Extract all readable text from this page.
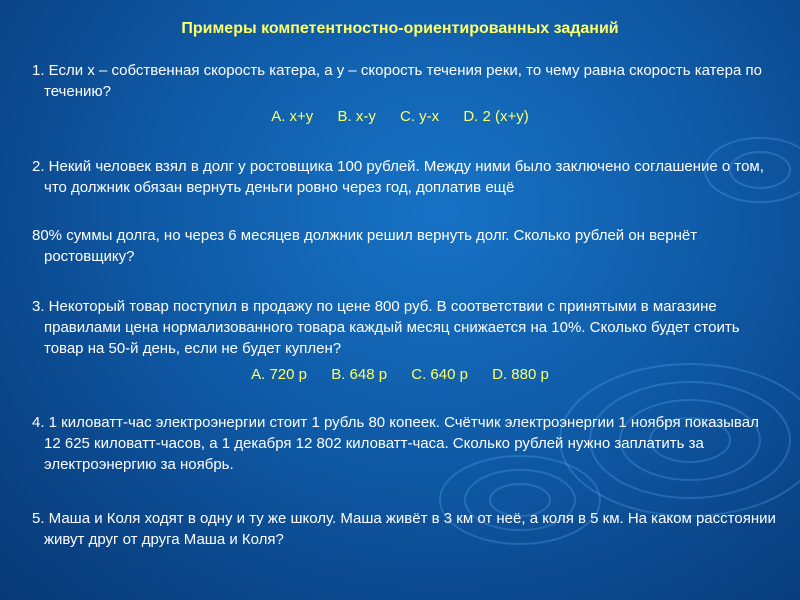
Примеры компетентностно-ориентированных заданий
1. Если х – собственная скорость катера, а у – скорость течения реки, то чему равна скорость катера по течению?
А. х+у В. х-у С. у-х D. 2 (х+у)
2. Некий человек взял в долг у ростовщика 100 рублей. Между ними было заключено соглашение о том, что должник обязан вернуть деньги ровно через год, доплатив ещё
80% суммы долга, но через 6 месяцев должник решил вернуть долг. Сколько рублей он вернёт ростовщику?
3. Некоторый товар поступил в продажу по цене 800 руб. В соответствии с принятыми в магазине правилами цена нормализованного товара каждый месяц снижается на 10%. Сколько будет стоить товар на 50-й день, если не будет куплен?
А. 720 р В. 648 р С. 640 р D. 880 р
4. 1 киловатт-час электроэнергии стоит 1 рубль 80 копеек. Счётчик электроэнергии 1 ноября показывал 12 625 киловатт-часов, а 1 декабря 12 802 киловатт-часа. Сколько рублей нужно заплатить за электроэнергию за ноябрь.
5. Маша и Коля ходят в одну и ту же школу. Маша живёт в 3 км от неё, а коля в 5 км. На каком расстоянии живут друг от друга Маша и Коля?
